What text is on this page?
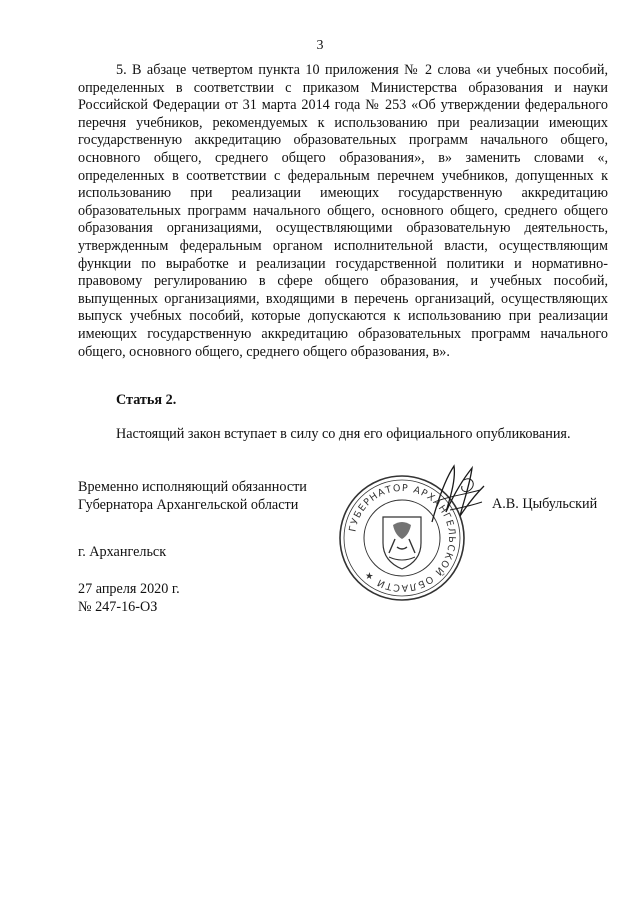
3

5. В абзаце четвертом пункта 10 приложения № 2 слова «и учебных пособий, определенных в соответствии с приказом Министерства образования и науки Российской Федерации от 31 марта 2014 года № 253 «Об утверждении федерального перечня учебников, рекомендуемых к использованию при реализации имеющих государственную аккредитацию образовательных программ начального общего, основного общего, среднего общего образования», в» заменить словами «, определенных в соответствии с федеральным перечнем учебников, допущенных к использованию при реализации имеющих государственную аккредитацию образовательных программ начального общего, основного общего, среднего общего образования организациями, осуществляющими образовательную деятельность, утвержденным федеральным органом исполнительной власти, осуществляющим функции по выработке и реализации государственной политики и нормативно-правовому регулированию в сфере общего образования, и учебных пособий, выпущенных организациями, входящими в перечень организаций, осуществляющих выпуск учебных пособий, которые допускаются к использованию при реализации имеющих государственную аккредитацию образовательных программ начального общего, основного общего, среднего общего образования, в».

Статья 2.

Настоящий закон вступает в силу со дня его официального опубликования.

Временно исполняющий обязанности
Губернатора Архангельской области
ГУБЕРНАТОР АРХАНГЕЛЬСКОЙ ОБЛАСТИ ★
А.В. Цыбульский
г. Архангельск
27 апреля 2020 г.
№ 247-16-ОЗ
